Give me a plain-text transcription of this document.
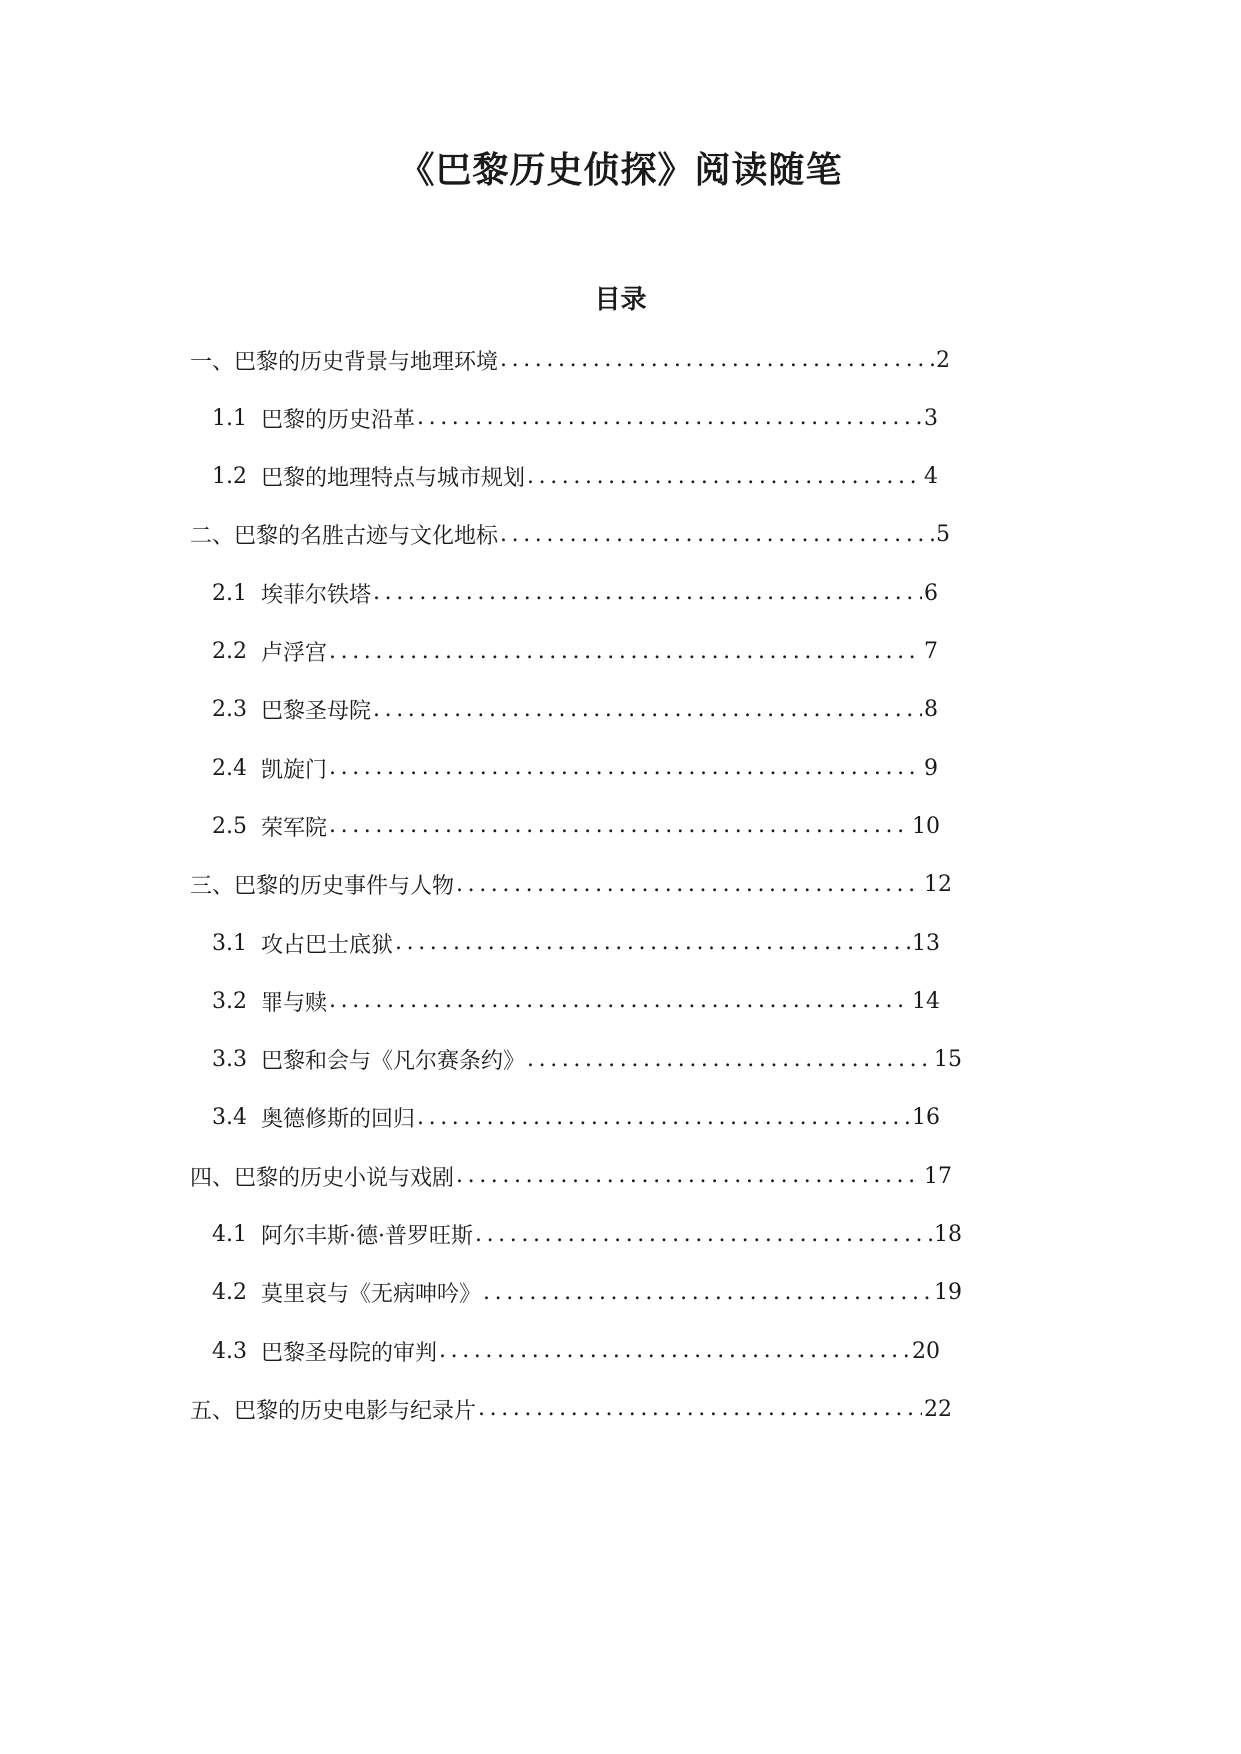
《巴黎历史侦探》阅读随笔
目录
一、巴黎的历史背景与地理环境 .....	2
1.1 巴黎的历史沿革 .....	3
1.2 巴黎的地理特点与城市规划 .....	4
二、巴黎的名胜古迹与文化地标 .....	5
2.1 埃菲尔铁塔 .....	6
2.2 卢浮宫 .....	7
2.3 巴黎圣母院 .....	8
2.4 凯旋门 .....	9
2.5 荣军院 .....	10
三、巴黎的历史事件与人物 .....	12
3.1 攻占巴士底狱 .....	13
3.2 罪与赎 .....	14
3.3 巴黎和会与《凡尔赛条约》 .....	15
3.4 奥德修斯的回归 .....	16
四、巴黎的历史小说与戏剧 .....	17
4.1 阿尔丰斯·德·普罗旺斯 .....	18
4.2 莫里哀与《无病呻吟》 .....	19
4.3 巴黎圣母院的审判 .....	20
五、巴黎的历史电影与纪录片 .....	22
